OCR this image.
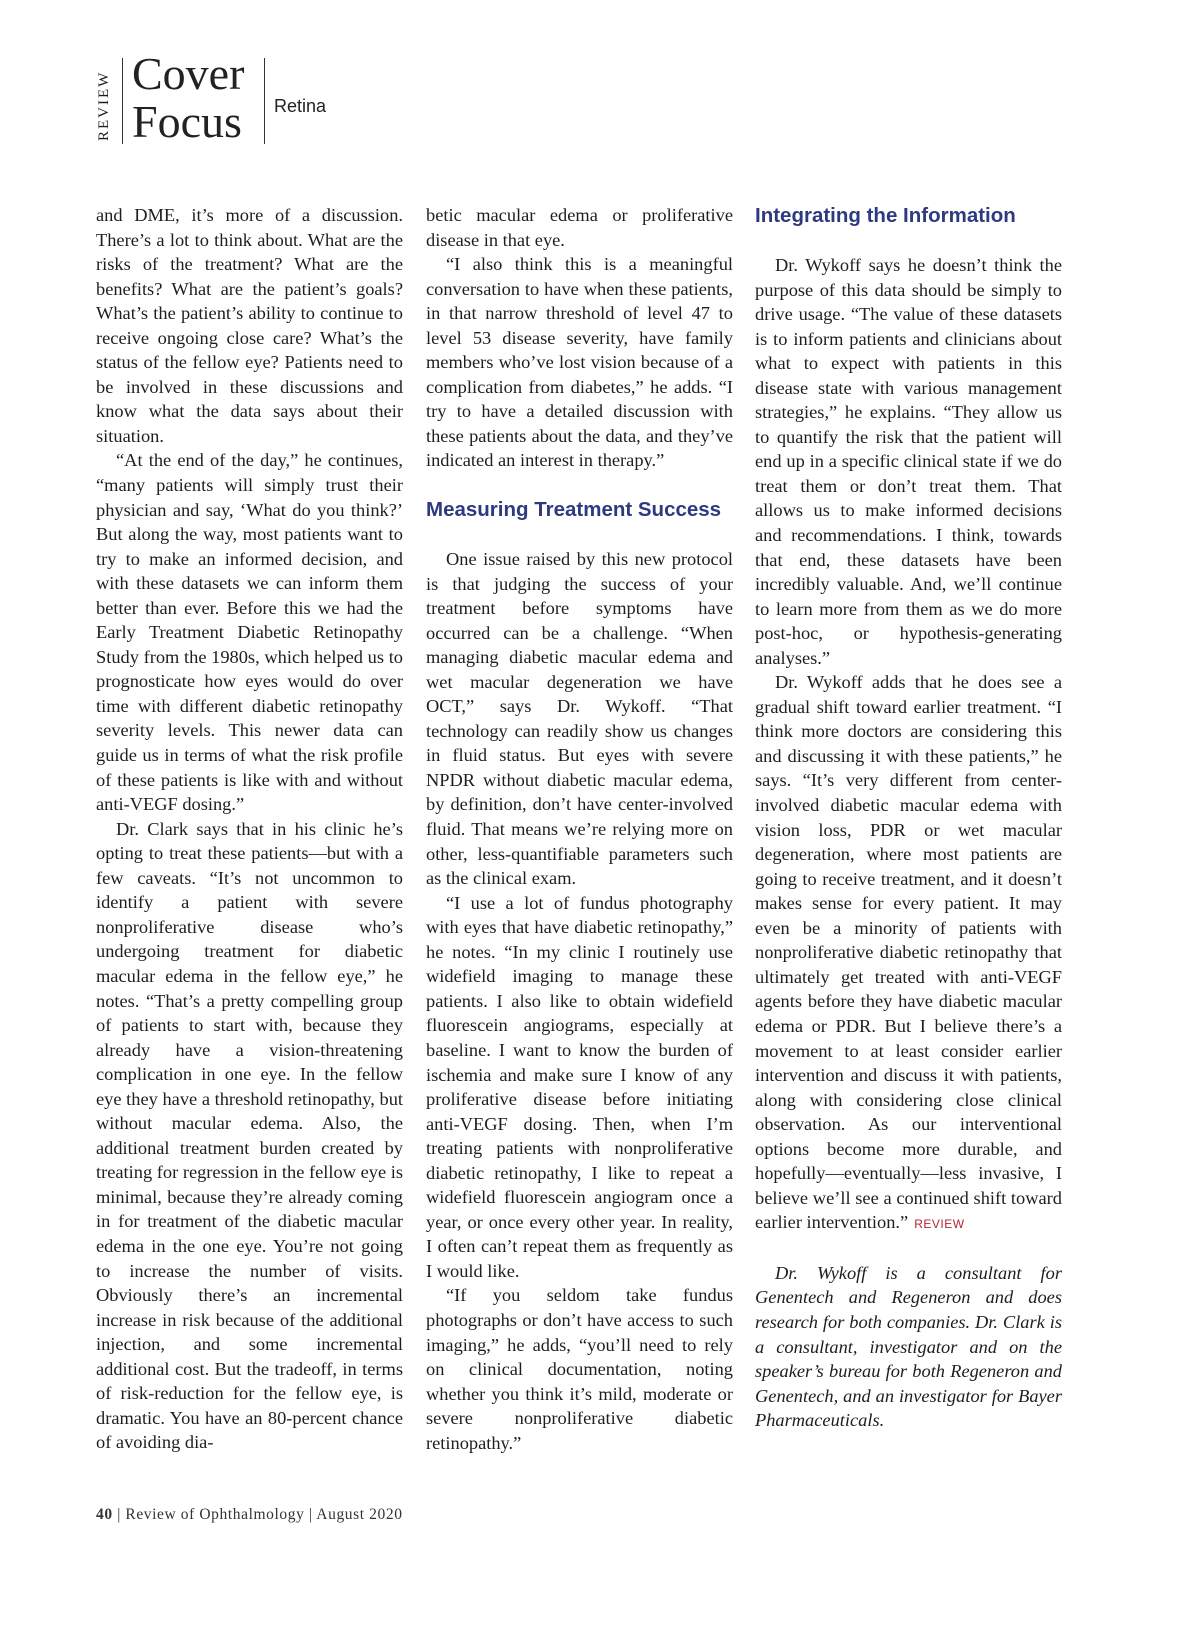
REVIEW Cover
Focus Retina

and DME, it’s more of a discussion. There’s a lot to think about. What are the risks of the treatment? What are the benefits? What are the patient’s goals? What’s the patient’s ability to continue to receive ongoing close care? What’s the status of the fellow eye? Patients need to be involved in these discussions and know what the data says about their situation.

“At the end of the day,” he continues, “many patients will simply trust their physician and say, ‘What do you think?’ But along the way, most patients want to try to make an informed decision, and with these datasets we can inform them better than ever. Before this we had the Early Treatment Diabetic Retinopathy Study from the 1980s, which helped us to prognosticate how eyes would do over time with different diabetic retinopathy severity levels. This newer data can guide us in terms of what the risk profile of these patients is like with and without anti-VEGF dosing.”

Dr. Clark says that in his clinic he’s opting to treat these patients—but with a few caveats. “It’s not uncommon to identify a patient with severe nonproliferative disease who’s undergoing treatment for diabetic macular edema in the fellow eye,” he notes. “That’s a pretty compelling group of patients to start with, because they already have a vision-threatening complication in one eye. In the fellow eye they have a threshold retinopathy, but without macular edema. Also, the additional treatment burden created by treating for regression in the fellow eye is minimal, because they’re already coming in for treatment of the diabetic macular edema in the one eye. You’re not going to increase the number of visits. Obviously there’s an incremental increase in risk because of the additional injection, and some incremental additional cost. But the tradeoff, in terms of risk-reduction for the fellow eye, is dramatic. You have an 80-percent chance of avoiding dia-

betic macular edema or proliferative disease in that eye.

“I also think this is a meaningful conversation to have when these patients, in that narrow threshold of level 47 to level 53 disease severity, have family members who’ve lost vision because of a complication from diabetes,” he adds. “I try to have a detailed discussion with these patients about the data, and they’ve indicated an interest in therapy.”

Measuring Treatment Success

One issue raised by this new protocol is that judging the success of your treatment before symptoms have occurred can be a challenge. “When managing diabetic macular edema and wet macular degeneration we have OCT,” says Dr. Wykoff. “That technology can readily show us changes in fluid status. But eyes with severe NPDR without diabetic macular edema, by definition, don’t have center-involved fluid. That means we’re relying more on other, less-quantifiable parameters such as the clinical exam.

“I use a lot of fundus photography with eyes that have diabetic retinopathy,” he notes. “In my clinic I routinely use widefield imaging to manage these patients. I also like to obtain widefield fluorescein angiograms, especially at baseline. I want to know the burden of ischemia and make sure I know of any proliferative disease before initiating anti-VEGF dosing. Then, when I’m treating patients with nonproliferative diabetic retinopathy, I like to repeat a widefield fluorescein angiogram once a year, or once every other year. In reality, I often can’t repeat them as frequently as I would like.

“If you seldom take fundus photographs or don’t have access to such imaging,” he adds, “you’ll need to rely on clinical documentation, noting whether you think it’s mild, moderate or severe nonproliferative diabetic retinopathy.”

Integrating the Information

Dr. Wykoff says he doesn’t think the purpose of this data should be simply to drive usage. “The value of these datasets is to inform patients and clinicians about what to expect with patients in this disease state with various management strategies,” he explains. “They allow us to quantify the risk that the patient will end up in a specific clinical state if we do treat them or don’t treat them. That allows us to make informed decisions and recommendations. I think, towards that end, these datasets have been incredibly valuable. And, we’ll continue to learn more from them as we do more post-hoc, or hypothesis-generating analyses.”

Dr. Wykoff adds that he does see a gradual shift toward earlier treatment. “I think more doctors are considering this and discussing it with these patients,” he says. “It’s very different from center-involved diabetic macular edema with vision loss, PDR or wet macular degeneration, where most patients are going to receive treatment, and it doesn’t makes sense for every patient. It may even be a minority of patients with nonproliferative diabetic retinopathy that ultimately get treated with anti-VEGF agents before they have diabetic macular edema or PDR. But I believe there’s a movement to at least consider earlier intervention and discuss it with patients, along with considering close clinical observation. As our interventional options become more durable, and hopefully—eventually—less invasive, I believe we’ll see a continued shift toward earlier intervention.” REVIEW

Dr. Wykoff is a consultant for Genentech and Regeneron and does research for both companies. Dr. Clark is a consultant, investigator and on the speaker’s bureau for both Regeneron and Genentech, and an investigator for Bayer Pharmaceuticals.

40 | Review of Ophthalmology | August 2020
